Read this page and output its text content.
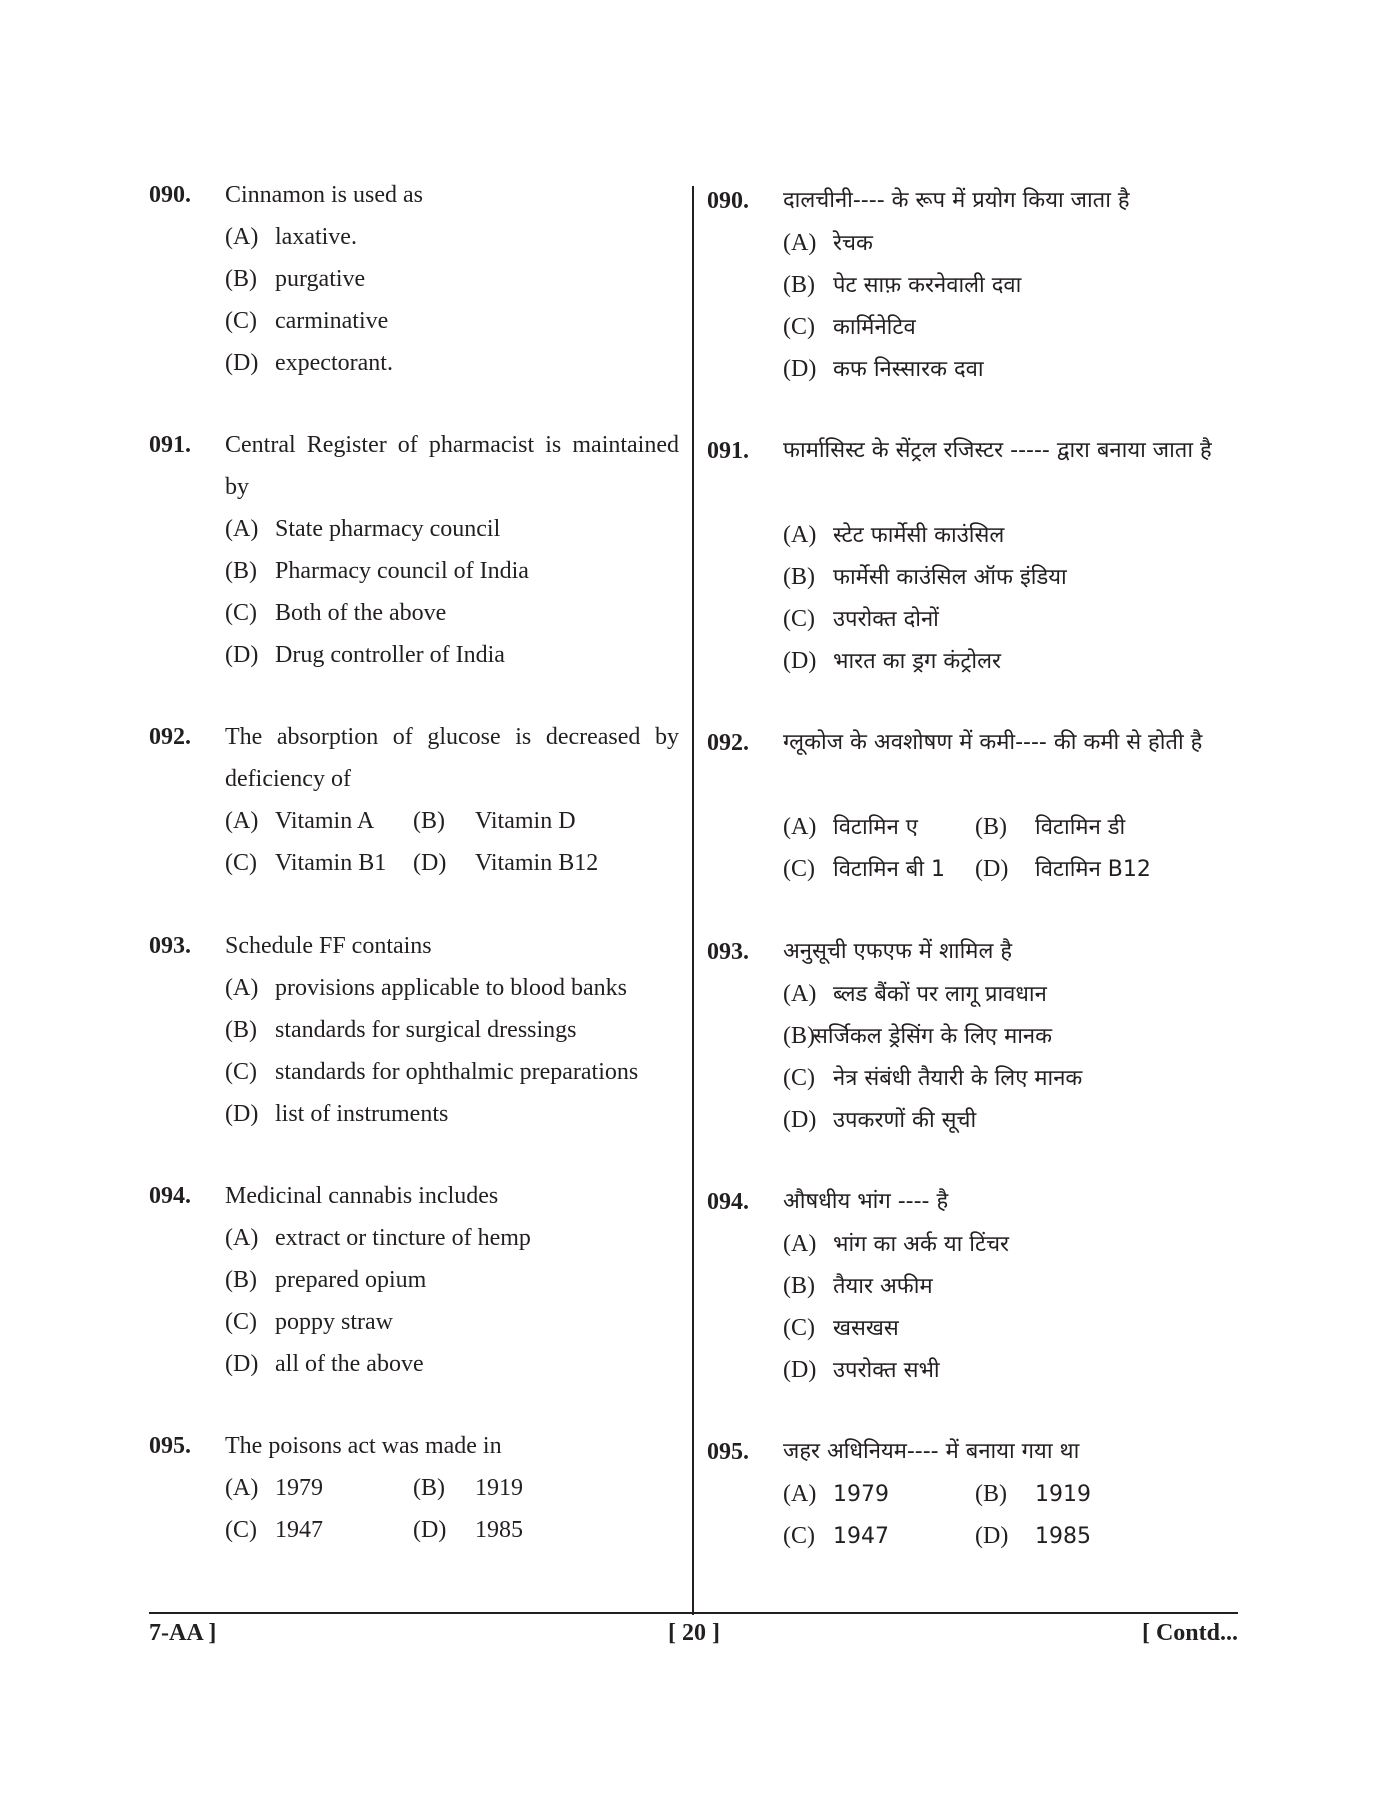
090. Cinnamon is used as
(A) laxative.
(B) purgative
(C) carminative
(D) expectorant.
091. Central Register of pharmacist is maintained by
(A) State pharmacy council
(B) Pharmacy council of India
(C) Both of the above
(D) Drug controller of India
092. The absorption of glucose is decreased by deficiency of
(A) Vitamin A (B) Vitamin D
(C) Vitamin B1 (D) Vitamin B12
093. Schedule FF contains
(A) provisions applicable to blood banks
(B) standards for surgical dressings
(C) standards for ophthalmic preparations
(D) list of instruments
094. Medicinal cannabis includes
(A) extract or tincture of hemp
(B) prepared opium
(C) poppy straw
(D) all of the above
095. The poisons act was made in
(A) 1979	(B) 1919
(C) 1947	(D) 1985
090. दालचीनी---- के रूप में प्रयोग किया जाता है
(A) रेचक
(B) पेट साफ़ करनेवाली दवा
(C) कार्मिनेटिव
(D) कफ निस्सारक दवा
091. फार्मासिस्ट के सेंट्रल रजिस्टर ----- द्वारा बनाया जाता है
(A) स्टेट फार्मेसी काउंसिल
(B) फार्मेसी काउंसिल ऑफ इंडिया
(C) उपरोक्त दोनों
(D) भारत का ड्रग कंट्रोलर
092. ग्लूकोज के अवशोषण में कमी---- की कमी से होती है
(A) विटामिन ए (B) विटामिन डी
(C) विटामिन बी 1 (D) विटामिन B12
093. अनुसूची एफएफ में शामिल है
(A) ब्लड बैंकों पर लागू प्रावधान
(B)सर्जिकल ड्रेसिंग के लिए मानक
(C) नेत्र संबंधी तैयारी के लिए मानक
(D) उपकरणों की सूची
094. औषधीय भांग ---- है
(A) भांग का अर्क या टिंचर
(B) तैयार अफीम
(C) खसखस
(D) उपरोक्त सभी
095. जहर अधिनियम---- में बनाया गया था
(A) 1979	(B) 1919
(C) 1947	(D) 1985
7-AA ]	[ 20 ]	[ Contd...
